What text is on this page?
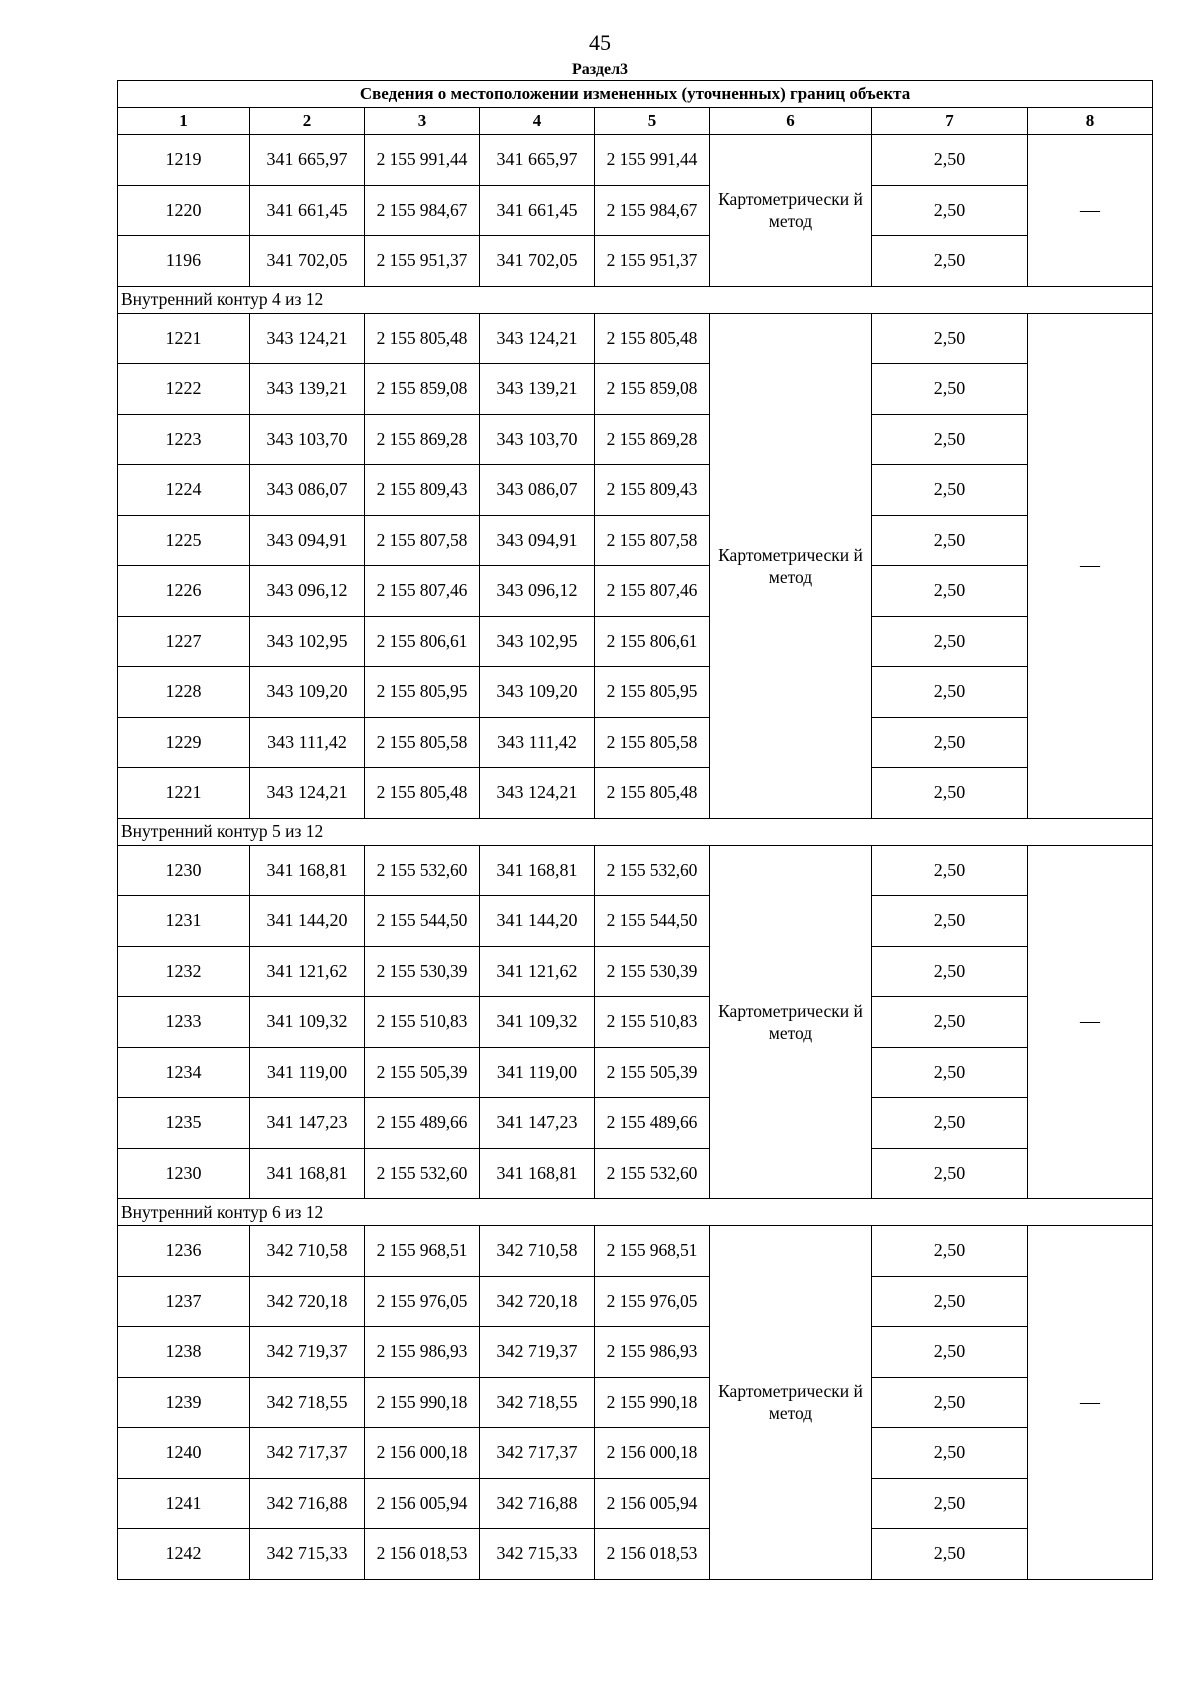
45
Раздел3
Сведения о местоположении измененных (уточненных) границ объекта							
1	2	3	4	5	6	7	8
1219	341 665,97	2 155 991,44	341 665,97	2 155 991,44	Картометрически й метод	2,50	—
1220	341 661,45	2 155 984,67	341 661,45	2 155 984,67		2,50	
1196	341 702,05	2 155 951,37	341 702,05	2 155 951,37		2,50	
Внутренний контур 4 из 12							
1221	343 124,21	2 155 805,48	343 124,21	2 155 805,48	Картометрически й метод	2,50	—
1222	343 139,21	2 155 859,08	343 139,21	2 155 859,08		2,50	
1223	343 103,70	2 155 869,28	343 103,70	2 155 869,28		2,50	
1224	343 086,07	2 155 809,43	343 086,07	2 155 809,43		2,50	
1225	343 094,91	2 155 807,58	343 094,91	2 155 807,58		2,50	
1226	343 096,12	2 155 807,46	343 096,12	2 155 807,46		2,50	
1227	343 102,95	2 155 806,61	343 102,95	2 155 806,61		2,50	
1228	343 109,20	2 155 805,95	343 109,20	2 155 805,95		2,50	
1229	343 111,42	2 155 805,58	343 111,42	2 155 805,58		2,50	
1221	343 124,21	2 155 805,48	343 124,21	2 155 805,48		2,50	
Внутренний контур 5 из 12							
1230	341 168,81	2 155 532,60	341 168,81	2 155 532,60	Картометрически й метод	2,50	—
1231	341 144,20	2 155 544,50	341 144,20	2 155 544,50		2,50	
1232	341 121,62	2 155 530,39	341 121,62	2 155 530,39		2,50	
1233	341 109,32	2 155 510,83	341 109,32	2 155 510,83		2,50	
1234	341 119,00	2 155 505,39	341 119,00	2 155 505,39		2,50	
1235	341 147,23	2 155 489,66	341 147,23	2 155 489,66		2,50	
1230	341 168,81	2 155 532,60	341 168,81	2 155 532,60		2,50	
Внутренний контур 6 из 12							
1236	342 710,58	2 155 968,51	342 710,58	2 155 968,51	Картометрически й метод	2,50	—
1237	342 720,18	2 155 976,05	342 720,18	2 155 976,05		2,50	
1238	342 719,37	2 155 986,93	342 719,37	2 155 986,93		2,50	
1239	342 718,55	2 155 990,18	342 718,55	2 155 990,18		2,50	
1240	342 717,37	2 156 000,18	342 717,37	2 156 000,18		2,50	
1241	342 716,88	2 156 005,94	342 716,88	2 156 005,94		2,50	
1242	342 715,33	2 156 018,53	342 715,33	2 156 018,53		2,50	
